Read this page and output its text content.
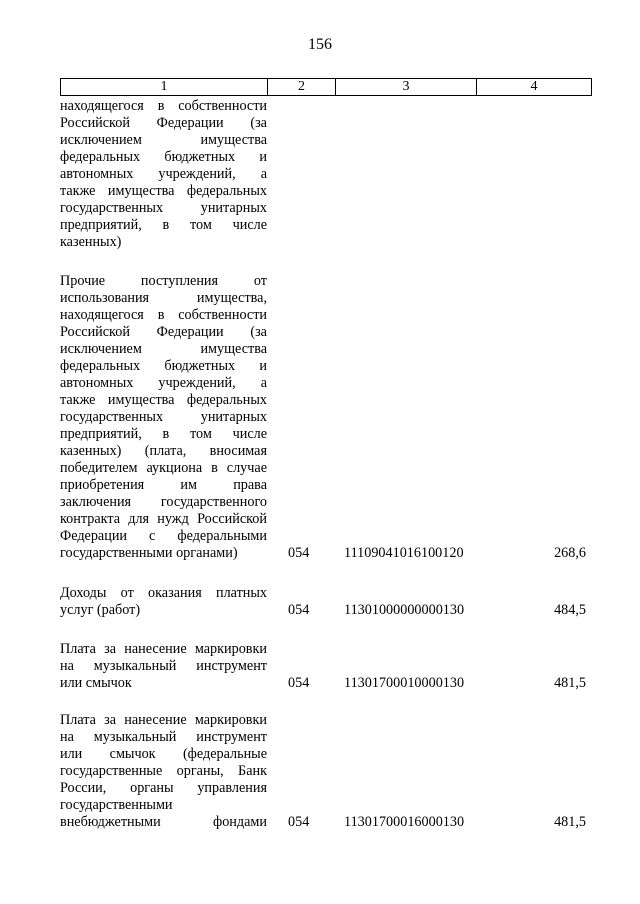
156
1	2	3	4
находящегося в собственности
Российской Федерации (за
исключением имущества
федеральных бюджетных и
автономных учреждений, а
также имущества федеральных
государственных унитарных
предприятий, в том числе
казенных)
Прочие поступления от
использования имущества,
находящегося в собственности
Российской Федерации (за
исключением имущества
федеральных бюджетных и
автономных учреждений, а
также имущества федеральных
государственных унитарных
предприятий, в том числе
казенных) (плата, вносимая
победителем аукциона в случае
приобретения им права
заключения государственного
контракта для нужд Российской
Федерации с федеральными
государственными органами)	054 11109041016100120	268,6
Доходы от оказания платных
услуг (работ)	054 11301000000000130	484,5
Плата за нанесение маркировки
на музыкальный инструмент
или смычок	054 11301700010000130	481,5
Плата за нанесение маркировки
на музыкальный инструмент
или смычок (федеральные
государственные органы, Банк
России, органы управления
государственными
внебюджетными фондами 054 11301700016000130	481,5
